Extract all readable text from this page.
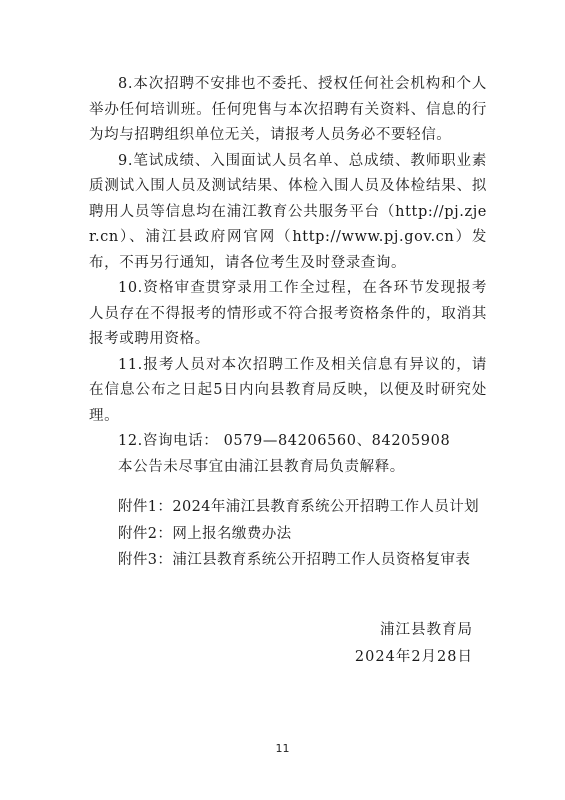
8.本次招聘不安排也不委托、授权任何社会机构和个人举办任何培训班。任何兜售与本次招聘有关资料、信息的行为均与招聘组织单位无关，请报考人员务必不要轻信。

9.笔试成绩、入围面试人员名单、总成绩、教师职业素质测试入围人员及测试结果、体检入围人员及体检结果、拟聘用人员等信息均在浦江教育公共服务平台（http://pj.zjer.cn）、浦江县政府网官网（http://www.pj.gov.cn）发布，不再另行通知，请各位考生及时登录查询。

10.资格审查贯穿录用工作全过程，在各环节发现报考人员存在不得报考的情形或不符合报考资格条件的，取消其报考或聘用资格。

11.报考人员对本次招聘工作及相关信息有异议的，请在信息公布之日起5日内向县教育局反映，以便及时研究处理。

12.咨询电话： 0579—84206560、84205908

本公告未尽事宜由浦江县教育局负责解释。

附件1：2024年浦江县教育系统公开招聘工作人员计划
附件2：网上报名缴费办法
附件3：浦江县教育系统公开招聘工作人员资格复审表
浦江县教育局
2024年2月28日
11
